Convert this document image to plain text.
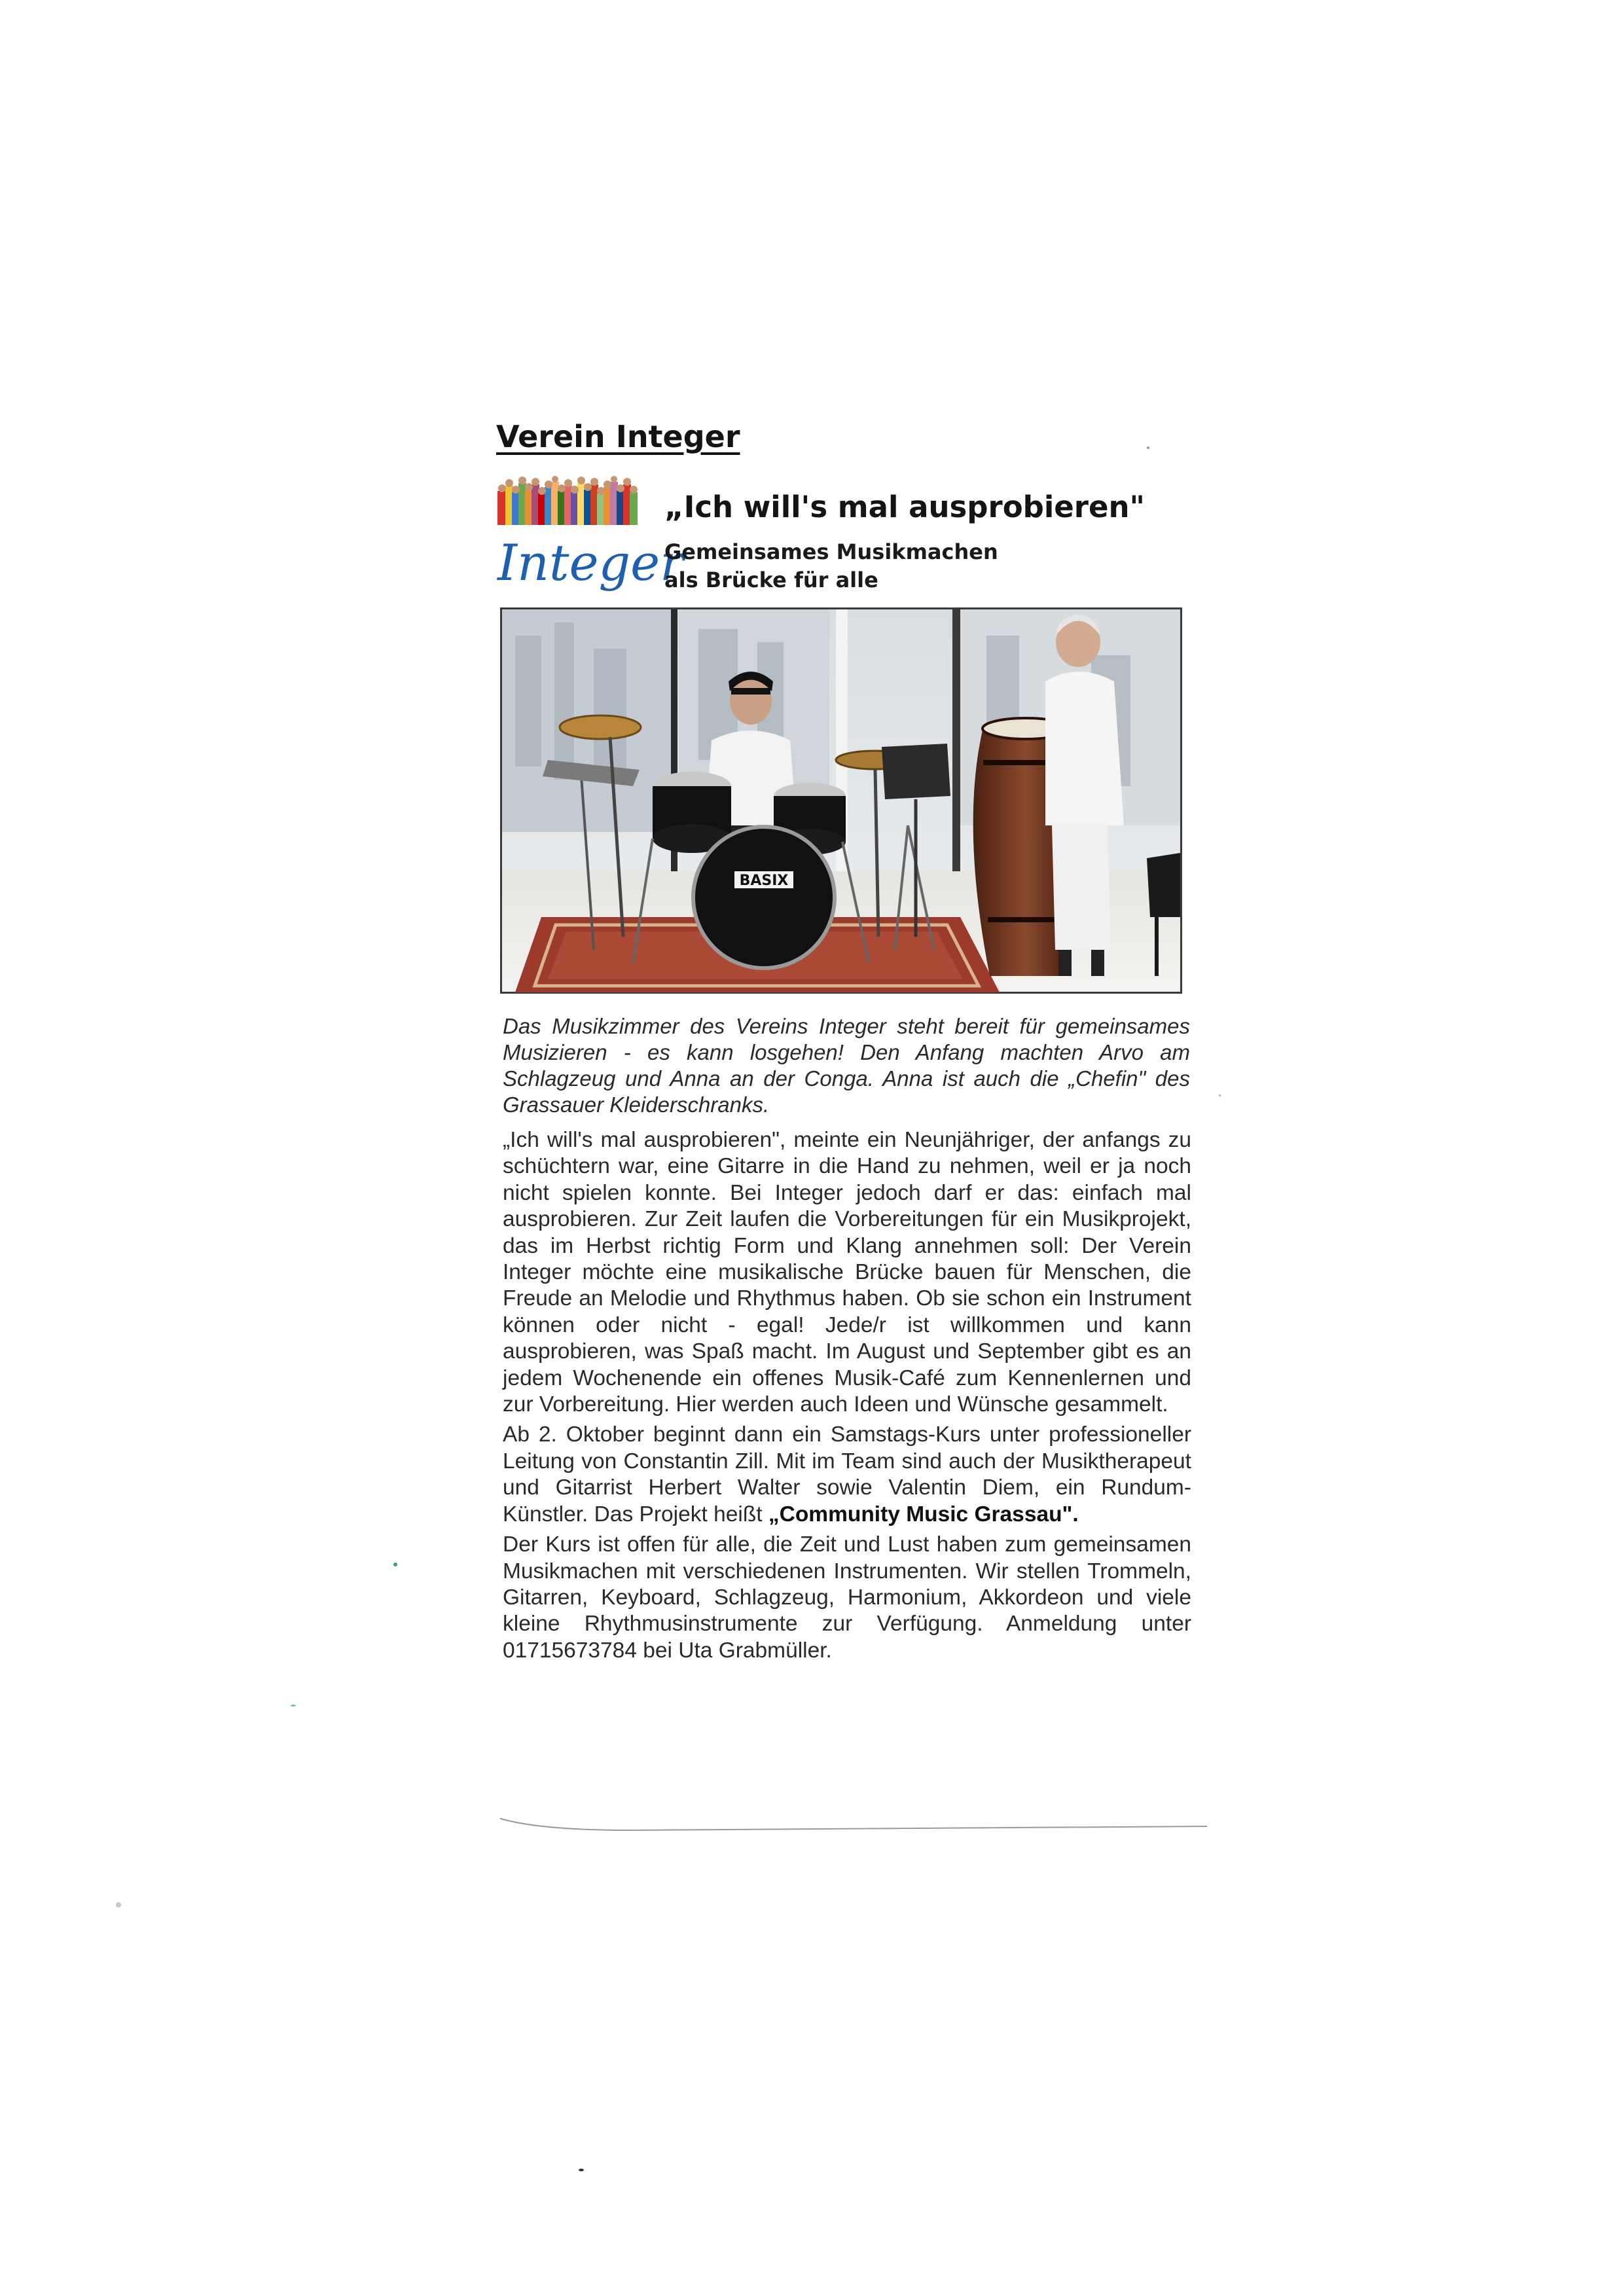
Verein Integer
Integer
„Ich will's mal ausprobieren"
Gemeinsames Musikmachen
als Brücke für alle
BASIX
Das Musikzimmer des Vereins Integer steht bereit für gemeinsames Musizieren - es kann losgehen! Den Anfang machten Arvo am Schlagzeug und Anna an der Conga. Anna ist auch die „Chefin" des Grassauer Kleiderschranks.

„Ich will's mal ausprobieren", meinte ein Neunjähriger, der anfangs zu schüchtern war, eine Gitarre in die Hand zu nehmen, weil er ja noch nicht spielen konnte. Bei Integer jedoch darf er das: einfach mal ausprobieren. Zur Zeit laufen die Vorbereitungen für ein Musikprojekt, das im Herbst richtig Form und Klang annehmen soll: Der Verein Integer möchte eine musikalische Brücke bauen für Menschen, die Freude an Melodie und Rhythmus haben. Ob sie schon ein Instrument können oder nicht - egal! Jede/r ist willkommen und kann ausprobieren, was Spaß macht. Im August und September gibt es an jedem Wochenende ein offenes Musik-Café zum Kennenlernen und zur Vorbereitung. Hier werden auch Ideen und Wünsche gesammelt.

Ab 2. Oktober beginnt dann ein Samstags-Kurs unter professioneller Leitung von Constantin Zill. Mit im Team sind auch der Musiktherapeut und Gitarrist Herbert Walter sowie Valentin Diem, ein Rundum-Künstler. Das Projekt heißt „Community Music Grassau".

Der Kurs ist offen für alle, die Zeit und Lust haben zum gemeinsamen Musikmachen mit verschiedenen Instrumenten. Wir stellen Trommeln, Gitarren, Keyboard, Schlagzeug, Harmonium, Akkordeon und viele kleine Rhythmusinstrumente zur Verfügung. Anmeldung unter 01715673784 bei Uta Grabmüller.
